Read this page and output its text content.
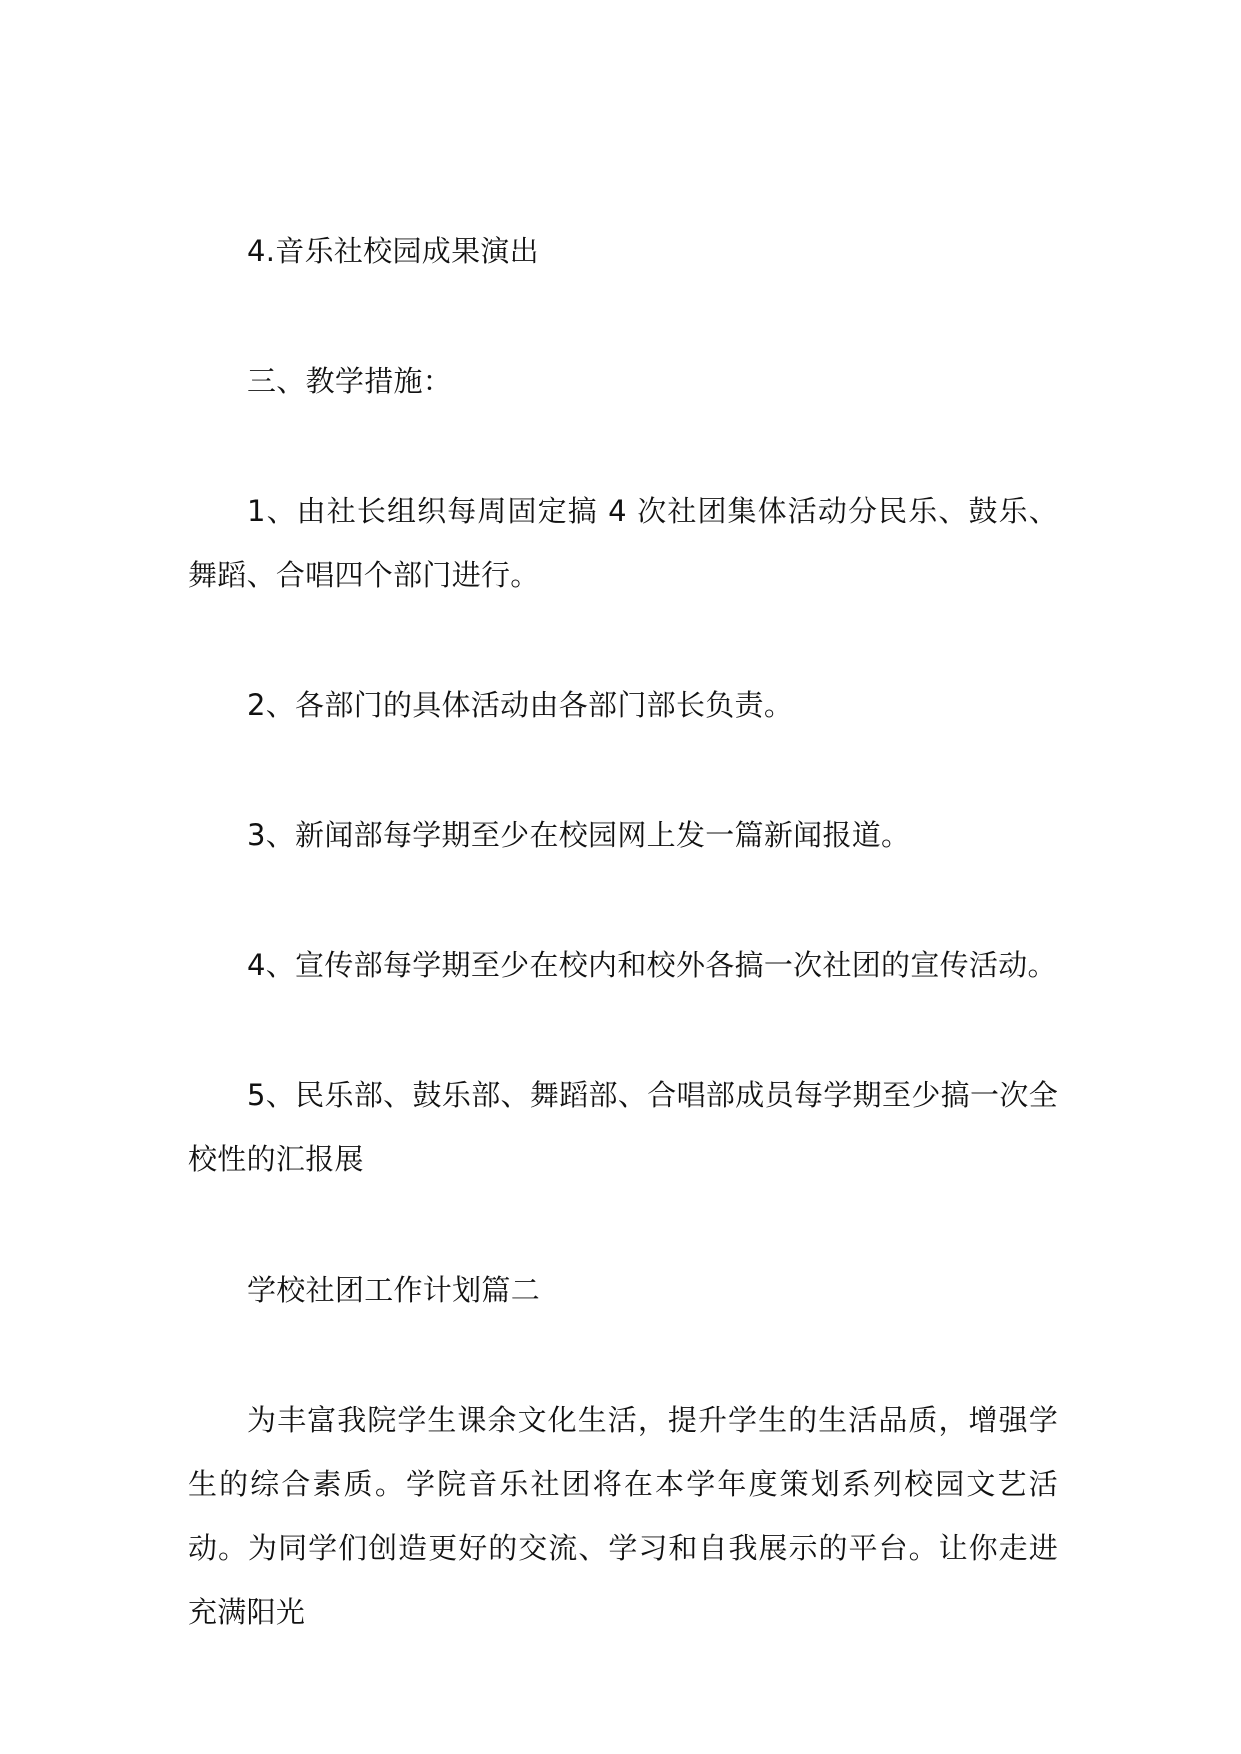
4.音乐社校园成果演出

三、教学措施：

1、由社长组织每周固定搞 4 次社团集体活动分民乐、鼓乐、舞蹈、合唱四个部门进行。

2、各部门的具体活动由各部门部长负责。

3、新闻部每学期至少在校园网上发一篇新闻报道。

4、宣传部每学期至少在校内和校外各搞一次社团的宣传活动。

5、民乐部、鼓乐部、舞蹈部、合唱部成员每学期至少搞一次全校性的汇报展

学校社团工作计划篇二

为丰富我院学生课余文化生活，提升学生的生活品质，增强学生的综合素质。学院音乐社团将在本学年度策划系列校园文艺活动。为同学们创造更好的交流、学习和自我展示的平台。让你走进充满阳光
